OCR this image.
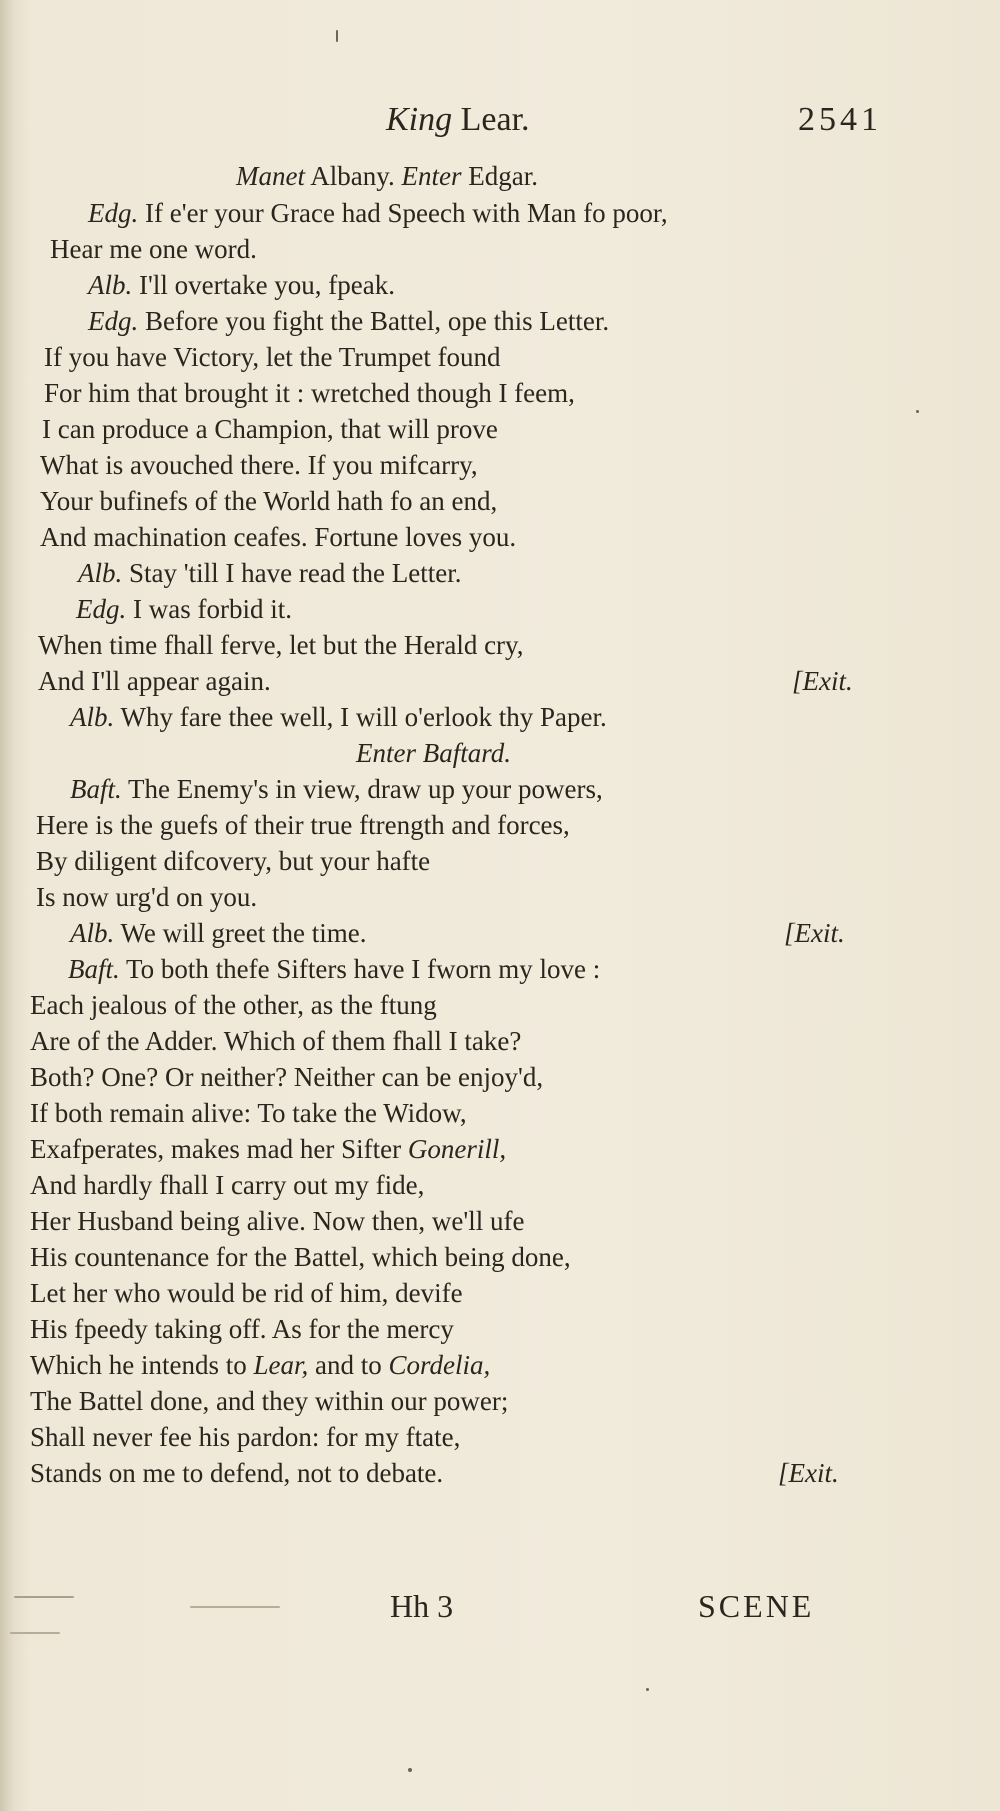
King Lear.	2541
Manet Albany. Enter Edgar.
Edg. If e'er your Grace had Speech with Man fo poor,
Hear me one word.
Alb. I'll overtake you, fpeak.
Edg. Before you fight the Battel, ope this Letter.
If you have Victory, let the Trumpet found
For him that brought it : wretched though I feem,
I can produce a Champion, that will prove
What is avouched there. If you mifcarry,
Your bufinefs of the World hath fo an end,
And machination ceafes. Fortune loves you.
Alb. Stay 'till I have read the Letter.
Edg. I was forbid it.
When time fhall ferve, let but the Herald cry,
And I'll appear again.	[Exit.
Alb. Why fare thee well, I will o'erlook thy Paper.
Enter Baftard.
Baft. The Enemy's in view, draw up your powers,
Here is the guefs of their true ftrength and forces,
By diligent difcovery, but your hafte
Is now urg'd on you.
Alb. We will greet the time.	[Exit.
Baft. To both thefe Sifters have I fworn my love :
Each jealous of the other, as the ftung
Are of the Adder. Which of them fhall I take?
Both? One? Or neither? Neither can be enjoy'd,
If both remain alive: To take the Widow,
Exafperates, makes mad her Sifter Gonerill,
And hardly fhall I carry out my fide,
Her Husband being alive. Now then, we'll ufe
His countenance for the Battel, which being done,
Let her who would be rid of him, devife
His fpeedy taking off. As for the mercy
Which he intends to Lear, and to Cordelia,
The Battel done, and they within our power;
Shall never fee his pardon: for my ftate,
Stands on me to defend, not to debate.	[Exit.
Hh 3	SCENE
